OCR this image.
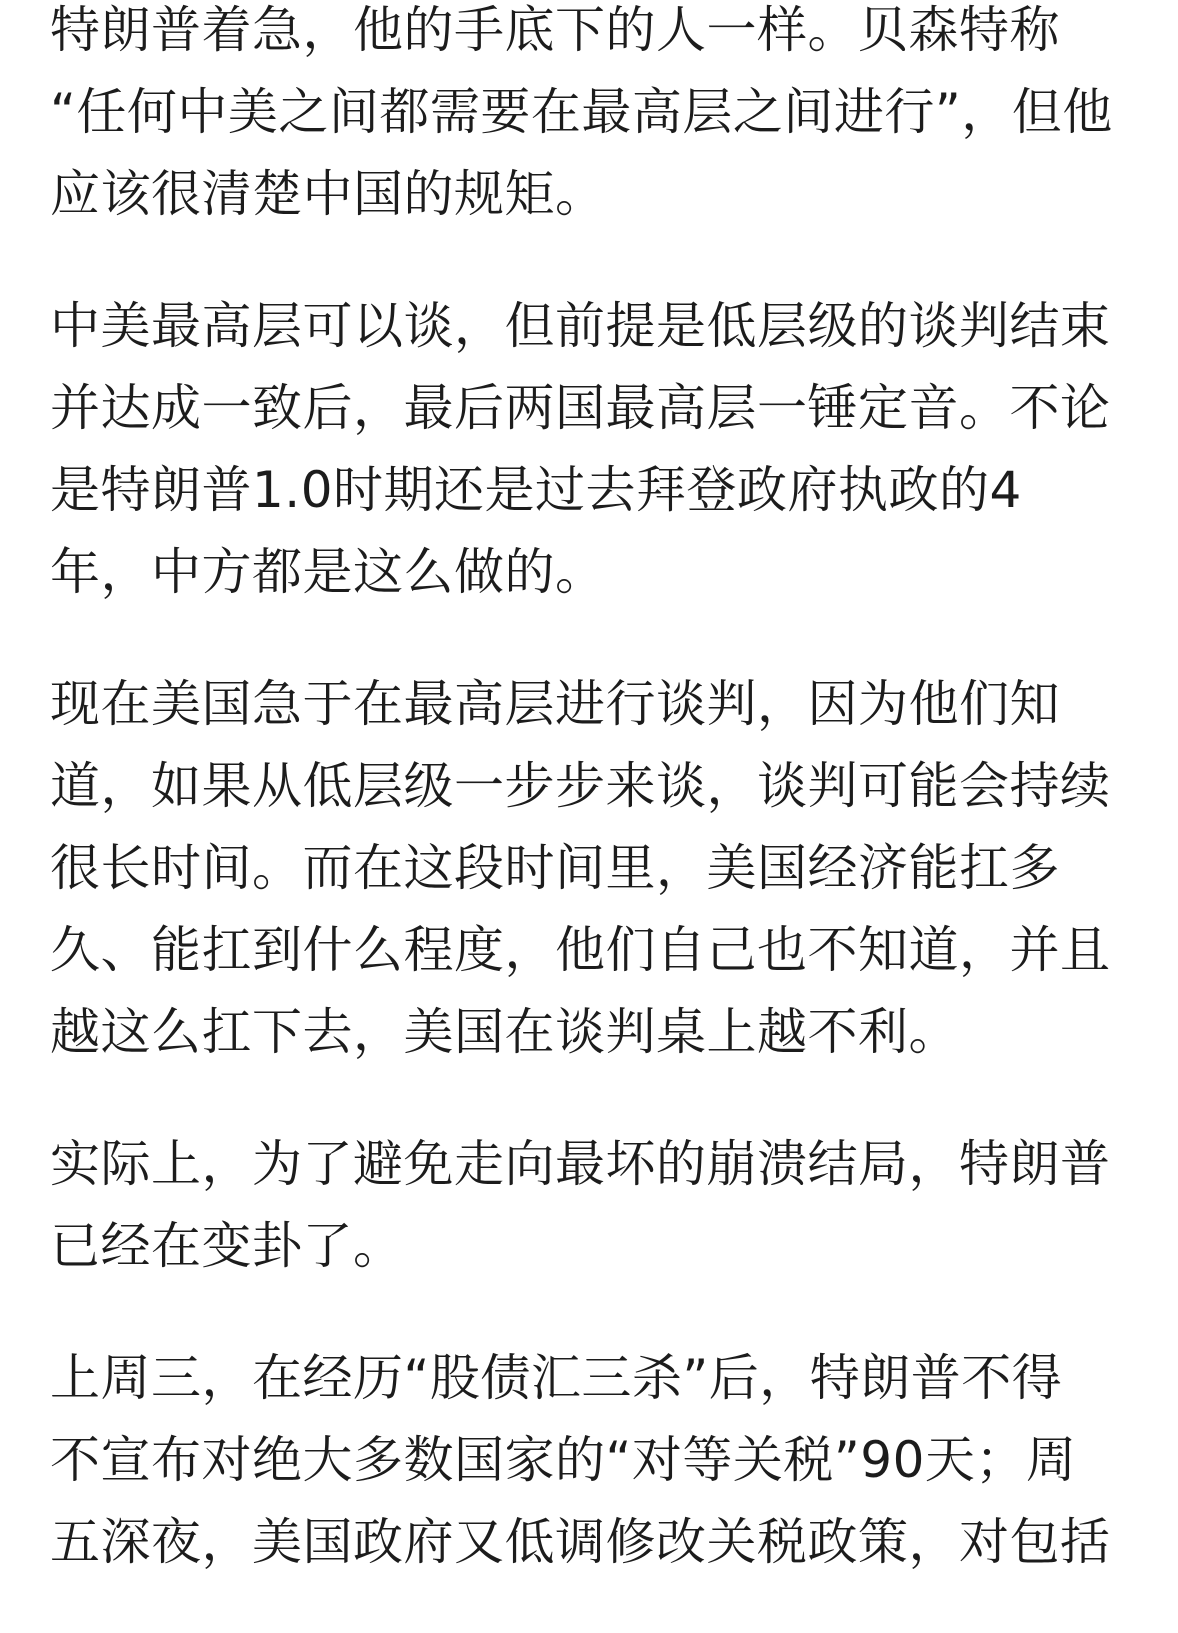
特朗普着急，他的手底下的人一样。贝森特称
“任何中美之间都需要在最高层之间进行”，但他
应该很清楚中国的规矩。
中美最高层可以谈，但前提是低层级的谈判结束
并达成一致后，最后两国最高层一锤定音。不论
是特朗普1.0时期还是过去拜登政府执政的4
年，中方都是这么做的。
现在美国急于在最高层进行谈判，因为他们知
道，如果从低层级一步步来谈，谈判可能会持续
很长时间。而在这段时间里，美国经济能扛多
久、能扛到什么程度，他们自己也不知道，并且
越这么扛下去，美国在谈判桌上越不利。
实际上，为了避免走向最坏的崩溃结局，特朗普
已经在变卦了。
上周三，在经历“股债汇三杀”后，特朗普不得
不宣布对绝大多数国家的“对等关税”90天；周
五深夜，美国政府又低调修改关税政策，对包括
